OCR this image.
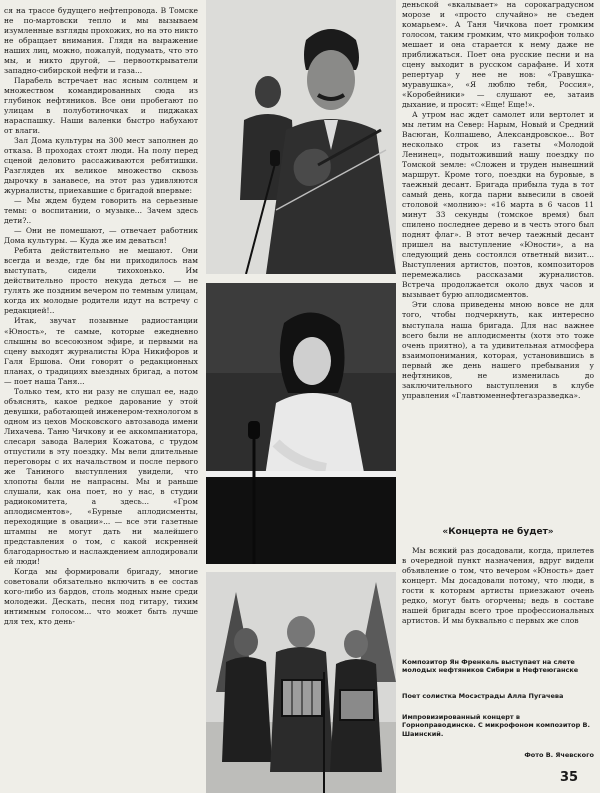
ся на трассе будущего нефтепровода. В Томске не по-мартовски тепло и мы вызываем изумленные взгляды прохожих, но на это никто не обращает внимания. Глядя на выражение наших лиц, можно, пожалуй, подумать, что это мы, и никто другой, — первооткрыватели западно-сибирской нефти и газа...

Парабель встречает нас ясным солнцем и множеством командированных сюда из глубинок нефтяников. Все они пробегают по улицам в полуботиночках и пиджаках нараспашку. Наши валенки быстро набухают от влаги.

Зал Дома культуры на 300 мест заполнен до отказа. В проходах стоят люди. На полу перед сценой деловито рассаживаются ребятишки. Разглядев их великое множество сквозь дырочку в занавесе, на этот раз удивляются журналисты, приехавшие с бригадой впервые:

— Мы ждем будем говорить на серьезные темы: о воспитании, о музыке... Зачем здесь дети?..

— Они не помешают, — отвечает работник Дома культуры. — Куда же им деваться!

Ребята действительно не мешают. Они всегда и везде, где бы ни приходилось нам выступать, сидели тихохонько. Им действительно просто некуда деться — не гулять же поздним вечером по темным улицам, когда их молодые родители идут на встречу с редакцией!..

Итак, звучат позывные радиостанции «Юность», те самые, которые ежедневно слышны во всесоюзном эфире, и первыми на сцену выходят журналисты Юра Никифоров и Галя Ершова. Они говорят о редакционных планах, о традициях выездных бригад, а потом — поет наша Таня...

Только тем, кто ни разу не слушал ее, надо объяснять, какое редкое дарование у этой девушки, работающей инженером-технологом в одном из цехов Московского автозавода имени Лихачева. Таню Чичкову и ее аккомпаниатора, слесаря завода Валерия Кожатова, с трудом отпустили в эту поездку. Мы вели длительные переговоры с их начальством и после первого же Таниного выступления увидели, что хлопоты были не напрасны. Мы и раньше слушали, как она поет, но у нас, в студии радиокомитета, а здесь... «Гром аплодисментов», «Бурные аплодисменты, переходящие в овации»... — все эти газетные штампы не могут дать ни малейшего представления о том, с какой искренней благодарностью и наслаждением аплодировали ей люди!

Когда мы формировали бригаду, многие советовали обязательно включить в ее состав кого-либо из бардов, столь модных ныне среди молодежи. Дескать, песня под гитару, тихим интимным голосом... что может быть лучше для тех, кто день-

деньской «вкалывает» на сорокаградусном морозе и «просто случайно» не съеден комарьем». А Таня Чичкова поет громким голосом, таким громким, что микрофон только мешает и она старается к нему даже не приближаться. Поет она русские песни и на сцену выходит в русском сарафане. И хотя репертуар у нее не нов: «Травушка-муравушка», «Я люблю тебя, Россия», «Коробейники» — слушают ее, затаив дыхание, и просят: «Еще! Еще!».

А утром нас ждет самолет или вертолет и мы летим на Север: Нарым, Новый и Средний Васюган, Колпашево, Александровское... Вот несколько строк из газеты «Молодой Ленинец», подытоживший нашу поездку по Томской земле: «Сложен и труден нынешний маршрут. Кроме того, поездки на буровые, в таежный десант. Бригада прибыла туда в тот самый день, когда парни вывесили в своей столовой «молнию»: «16 марта в 6 часов 11 минут 33 секунды (томское время) был спилено последнее дерево и в честь этого был поднят флаг». В этот вечер таежный десант пришел на выступление «Юности», а на следующий день состоялся ответный визит... Выступления артистов, поэтов, композиторов перемежались рассказами журналистов. Встреча продолжается около двух часов и вызывает бурю аплодисментов.

Эти слова приведены мною вовсе не для того, чтобы подчеркнуть, как интересно выступала наша бригада. Для нас важнее всего были не аплодисменты (хотя это тоже очень приятно), а та удивительная атмосфера взаимопонимания, которая, установившись в первый же день нашего пребывания у нефтяников, не изменилась до заключительного выступления в клубе управления «Главтюменнефтегазразведка».

«Концерта не будет»

Мы всякий раз досадовали, когда, прилетев в очередной пункт назначения, вдруг видели объявление о том, что вечером «Юность» дает концерт. Мы досадовали потому, что люди, в гости к которым артисты приезжают очень редко, могут быть огорчены; ведь в составе нашей бригады всего трое профессиональных артистов. И мы буквально с первых же слов

Композитор Ян Френкель выступает на слете молодых нефтяников Сибири в Нефтеюганске
Поет солистка Мосэстрады Алла Пугачева
Импровизированный концерт в Горноправодинске. С микрофоном композитор В. Шаинский.
Фото В. Ячевского
35
